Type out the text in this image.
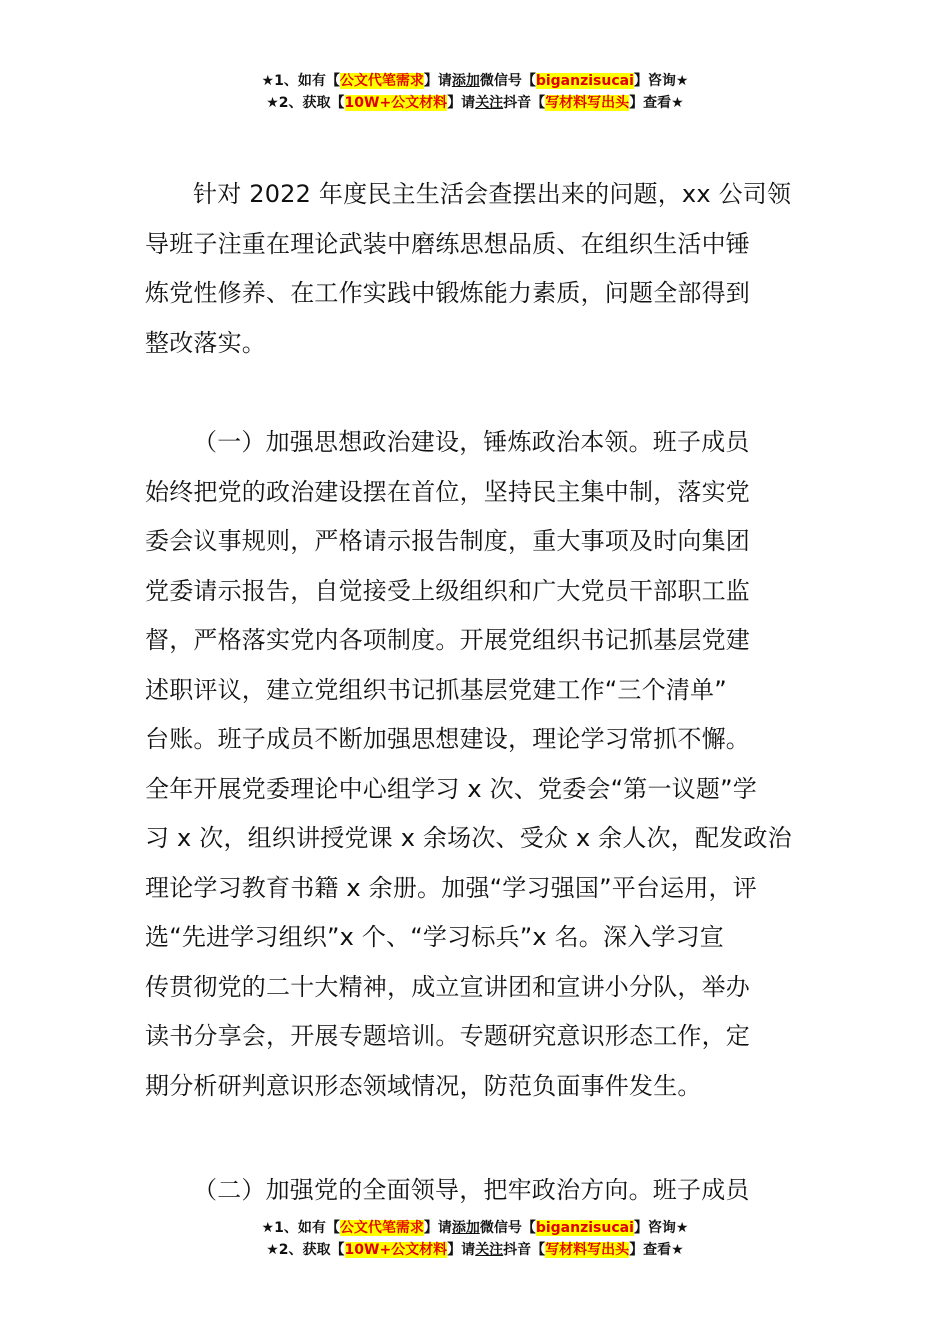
★1、如有【公文代笔需求】请添加微信号【biganzisucai】咨询★
★2、获取【10W+公文材料】请关注抖音【写材料写出头】查看★
针对 2022 年度民主生活会查摆出来的问题，xx 公司领
导班子注重在理论武装中磨练思想品质、在组织生活中锤
炼党性修养、在工作实践中锻炼能力素质，问题全部得到
整改落实。
（一）加强思想政治建设，锤炼政治本领。班子成员
始终把党的政治建设摆在首位，坚持民主集中制，落实党
委会议事规则，严格请示报告制度，重大事项及时向集团
党委请示报告，自觉接受上级组织和广大党员干部职工监
督，严格落实党内各项制度。开展党组织书记抓基层党建
述职评议，建立党组织书记抓基层党建工作“三个清单”
台账。班子成员不断加强思想建设，理论学习常抓不懈。
全年开展党委理论中心组学习 x 次、党委会“第一议题”学
习 x 次，组织讲授党课 x 余场次、受众 x 余人次，配发政治
理论学习教育书籍 x 余册。加强“学习强国”平台运用，评
选“先进学习组织”x 个、“学习标兵”x 名。深入学习宣
传贯彻党的二十大精神，成立宣讲团和宣讲小分队，举办
读书分享会，开展专题培训。专题研究意识形态工作，定
期分析研判意识形态领域情况，防范负面事件发生。
（二）加强党的全面领导，把牢政治方向。班子成员
★1、如有【公文代笔需求】请添加微信号【biganzisucai】咨询★
★2、获取【10W+公文材料】请关注抖音【写材料写出头】查看★
